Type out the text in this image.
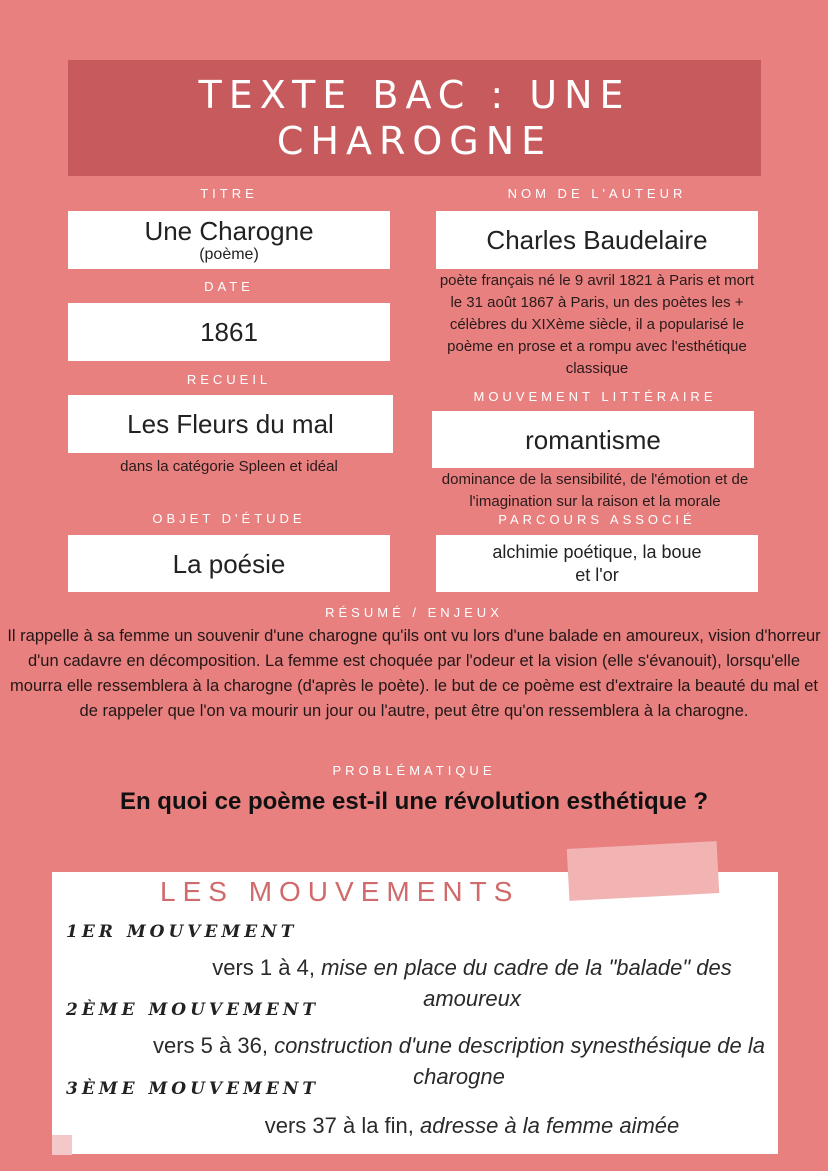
TEXTE BAC : UNE CHAROGNE
TITRE
Une Charogne
(poème)
DATE
1861
RECUEIL
Les Fleurs du mal
dans la catégorie Spleen et idéal
OBJET D'ÉTUDE
La poésie
NOM DE L'AUTEUR
Charles Baudelaire
poète français né le 9 avril 1821 à Paris et mort le 31 août 1867 à Paris, un des poètes les + célèbres du XIXème siècle, il a popularisé le poème en prose et a rompu avec l'esthétique classique
MOUVEMENT LITTÉRAIRE
romantisme
dominance de la sensibilité, de l'émotion et de l'imagination sur la raison et la morale
PARCOURS ASSOCIÉ
alchimie poétique, la boue et l'or
RÉSUMÉ / ENJEUX
Il rappelle à sa femme un souvenir d'une charogne qu'ils ont vu lors d'une balade en amoureux, vision d'horreur d'un cadavre en décomposition. La femme est choquée par l'odeur et la vision (elle s'évanouit), lorsqu'elle mourra elle ressemblera à la charogne (d'après le poète). le but de ce poème est d'extraire la beauté du mal et de rappeler que l'on va mourir un jour ou l'autre, peut être qu'on ressemblera à la charogne.
PROBLÉMATIQUE
En quoi ce poème est-il une révolution esthétique ?
LES MOUVEMENTS
1ER MOUVEMENT
vers 1 à 4, mise en place du cadre de la "balade" des amoureux
2ÈME MOUVEMENT
vers 5 à 36, construction d'une description synesthésique de la charogne
3ÈME MOUVEMENT
vers 37 à la fin, adresse à la femme aimée
